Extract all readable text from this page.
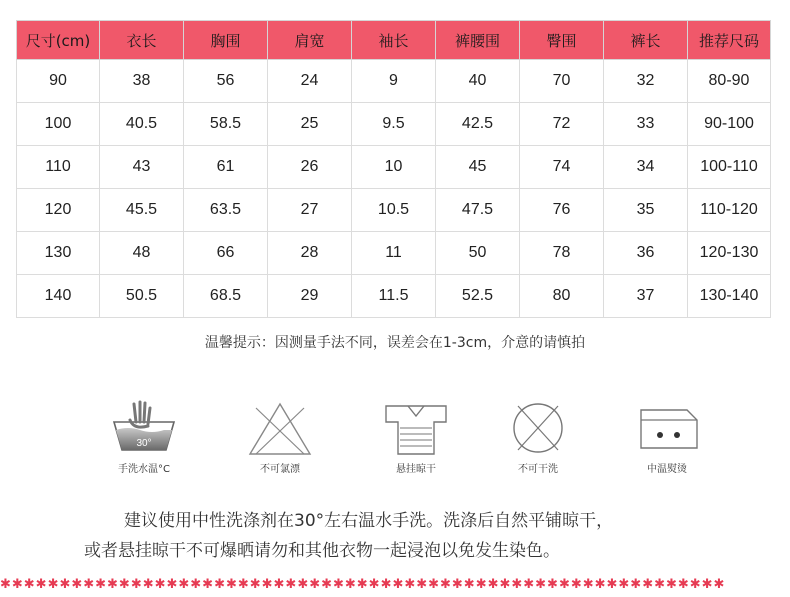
尺寸(cm)	衣长	胸围	肩宽	袖长	裤腰围	臀围	裤长	推荐尺码
90	38	56	24	9	40	70	32	80-90
100	40.5	58.5	25	9.5	42.5	72	33	90-100
110	43	61	26	10	45	74	34	100-110
120	45.5	63.5	27	10.5	47.5	76	35	110-120
130	48	66	28	11	50	78	36	120-130
140	50.5	68.5	29	11.5	52.5	80	37	130-140
温馨提示：因测量手法不同，误差会在1-3cm，介意的请慎拍
30°
手洗水温°C	不可氯漂	悬挂晾干	不可干洗	中温熨烫
建议使用中性洗涤剂在30°左右温水手洗。洗涤后自然平铺晾干，
或者悬挂晾干不可爆晒请勿和其他衣物一起浸泡以免发生染色。
✱✱✱✱✱✱✱✱✱✱✱✱✱✱✱✱✱✱✱✱✱✱✱✱✱✱✱✱✱✱✱✱✱✱✱✱✱✱✱✱✱✱✱✱✱✱✱✱✱✱✱✱✱✱✱✱✱✱✱✱✱
